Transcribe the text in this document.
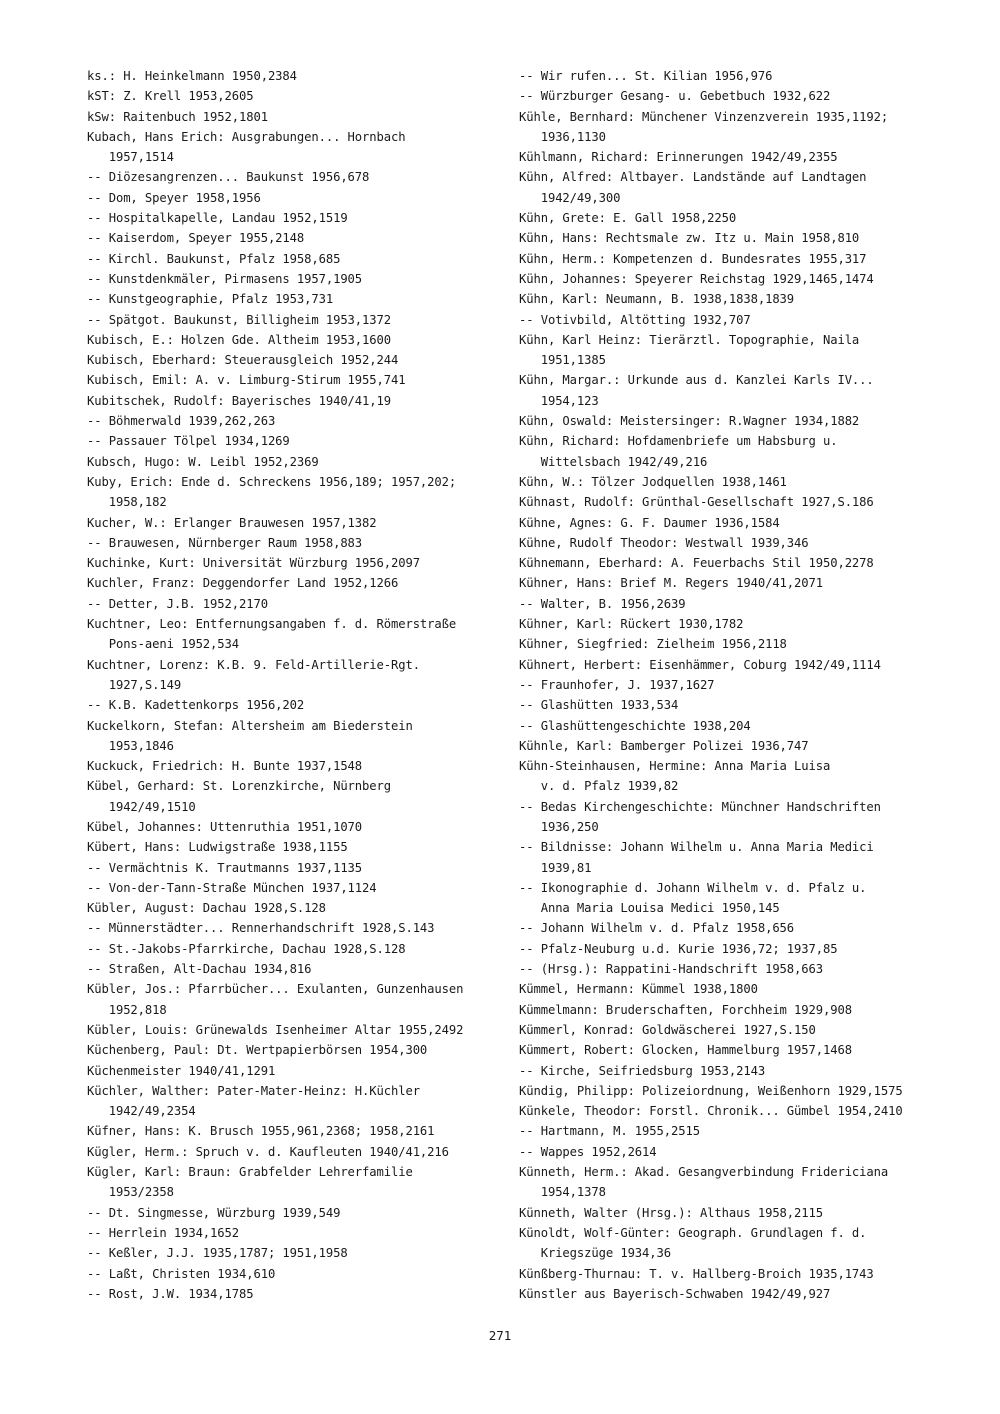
ks.: H. Heinkelmann 1950,2384
kST: Z. Krell 1953,2605
kSw: Raitenbuch 1952,1801
Kubach, Hans Erich: Ausgrabungen... Hornbach
1957,1514
-- Diözesangrenzen... Baukunst 1956,678
-- Dom, Speyer 1958,1956
-- Hospitalkapelle, Landau 1952,1519
-- Kaiserdom, Speyer 1955,2148
-- Kirchl. Baukunst, Pfalz 1958,685
-- Kunstdenkmäler, Pirmasens 1957,1905
-- Kunstgeographie, Pfalz 1953,731
-- Spätgot. Baukunst, Billigheim 1953,1372
Kubisch, E.: Holzen Gde. Altheim 1953,1600
Kubisch, Eberhard: Steuerausgleich 1952,244
Kubisch, Emil: A. v. Limburg-Stirum 1955,741
Kubitschek, Rudolf: Bayerisches 1940/41,19
-- Böhmerwald 1939,262,263
-- Passauer Tölpel 1934,1269
Kubsch, Hugo: W. Leibl 1952,2369
Kuby, Erich: Ende d. Schreckens 1956,189; 1957,202;
1958,182
Kucher, W.: Erlanger Brauwesen 1957,1382
-- Brauwesen, Nürnberger Raum 1958,883
Kuchinke, Kurt: Universität Würzburg 1956,2097
Kuchler, Franz: Deggendorfer Land 1952,1266
-- Detter, J.B. 1952,2170
Kuchtner, Leo: Entfernungsangaben f. d. Römerstraße
Pons-aeni 1952,534
Kuchtner, Lorenz: K.B. 9. Feld-Artillerie-Rgt.
1927,S.149
-- K.B. Kadettenkorps 1956,202
Kuckelkorn, Stefan: Altersheim am Biederstein
1953,1846
Kuckuck, Friedrich: H. Bunte 1937,1548
Kübel, Gerhard: St. Lorenzkirche, Nürnberg
1942/49,1510
Kübel, Johannes: Uttenruthia 1951,1070
Kübert, Hans: Ludwigstraße 1938,1155
-- Vermächtnis K. Trautmanns 1937,1135
-- Von-der-Tann-Straße München 1937,1124
Kübler, August: Dachau 1928,S.128
-- Münnerstädter... Rennerhandschrift 1928,S.143
-- St.-Jakobs-Pfarrkirche, Dachau 1928,S.128
-- Straßen, Alt-Dachau 1934,816
Kübler, Jos.: Pfarrbücher... Exulanten, Gunzenhausen
1952,818
Kübler, Louis: Grünewalds Isenheimer Altar 1955,2492
Küchenberg, Paul: Dt. Wertpapierbörsen 1954,300
Küchenmeister 1940/41,1291
Küchler, Walther: Pater-Mater-Heinz: H.Küchler
1942/49,2354
Küfner, Hans: K. Brusch 1955,961,2368; 1958,2161
Kügler, Herm.: Spruch v. d. Kaufleuten 1940/41,216
Kügler, Karl: Braun: Grabfelder Lehrerfamilie
1953/2358
-- Dt. Singmesse, Würzburg 1939,549
-- Herrlein 1934,1652
-- Keßler, J.J. 1935,1787; 1951,1958
-- Laßt, Christen 1934,610
-- Rost, J.W. 1934,1785
-- Wir rufen... St. Kilian 1956,976
-- Würzburger Gesang- u. Gebetbuch 1932,622
Kühle, Bernhard: Münchener Vinzenzverein 1935,1192;
1936,1130
Kühlmann, Richard: Erinnerungen 1942/49,2355
Kühn, Alfred: Altbayer. Landstände auf Landtagen
1942/49,300
Kühn, Grete: E. Gall 1958,2250
Kühn, Hans: Rechtsmale zw. Itz u. Main 1958,810
Kühn, Herm.: Kompetenzen d. Bundesrates 1955,317
Kühn, Johannes: Speyerer Reichstag 1929,1465,1474
Kühn, Karl: Neumann, B. 1938,1838,1839
-- Votivbild, Altötting 1932,707
Kühn, Karl Heinz: Tierärztl. Topographie, Naila
1951,1385
Kühn, Margar.: Urkunde aus d. Kanzlei Karls IV...
1954,123
Kühn, Oswald: Meistersinger: R.Wagner 1934,1882
Kühn, Richard: Hofdamenbriefe um Habsburg u.
Wittelsbach 1942/49,216
Kühn, W.: Tölzer Jodquellen 1938,1461
Kühnast, Rudolf: Grünthal-Gesellschaft 1927,S.186
Kühne, Agnes: G. F. Daumer 1936,1584
Kühne, Rudolf Theodor: Westwall 1939,346
Kühnemann, Eberhard: A. Feuerbachs Stil 1950,2278
Kühner, Hans: Brief M. Regers 1940/41,2071
-- Walter, B. 1956,2639
Kühner, Karl: Rückert 1930,1782
Kühner, Siegfried: Zielheim 1956,2118
Kühnert, Herbert: Eisenhämmer, Coburg 1942/49,1114
-- Fraunhofer, J. 1937,1627
-- Glashütten 1933,534
-- Glashüttengeschichte 1938,204
Kühnle, Karl: Bamberger Polizei 1936,747
Kühn-Steinhausen, Hermine: Anna Maria Luisa
v. d. Pfalz 1939,82
-- Bedas Kirchengeschichte: Münchner Handschriften
1936,250
-- Bildnisse: Johann Wilhelm u. Anna Maria Medici
1939,81
-- Ikonographie d. Johann Wilhelm v. d. Pfalz u.
Anna Maria Louisa Medici 1950,145
-- Johann Wilhelm v. d. Pfalz 1958,656
-- Pfalz-Neuburg u.d. Kurie 1936,72; 1937,85
-- (Hrsg.): Rappatini-Handschrift 1958,663
Kümmel, Hermann: Kümmel 1938,1800
Kümmelmann: Bruderschaften, Forchheim 1929,908
Kümmerl, Konrad: Goldwäscherei 1927,S.150
Kümmert, Robert: Glocken, Hammelburg 1957,1468
-- Kirche, Seifriedsburg 1953,2143
Kündig, Philipp: Polizeiordnung, Weißenhorn 1929,1575
Künkele, Theodor: Forstl. Chronik... Gümbel 1954,2410
-- Hartmann, M. 1955,2515
-- Wappes 1952,2614
Künneth, Herm.: Akad. Gesangverbindung Fridericiana
1954,1378
Künneth, Walter (Hrsg.): Althaus 1958,2115
Künoldt, Wolf-Günter: Geograph. Grundlagen f. d.
Kriegszüge 1934,36
Künßberg-Thurnau: T. v. Hallberg-Broich 1935,1743
Künstler aus Bayerisch-Schwaben 1942/49,927
271
